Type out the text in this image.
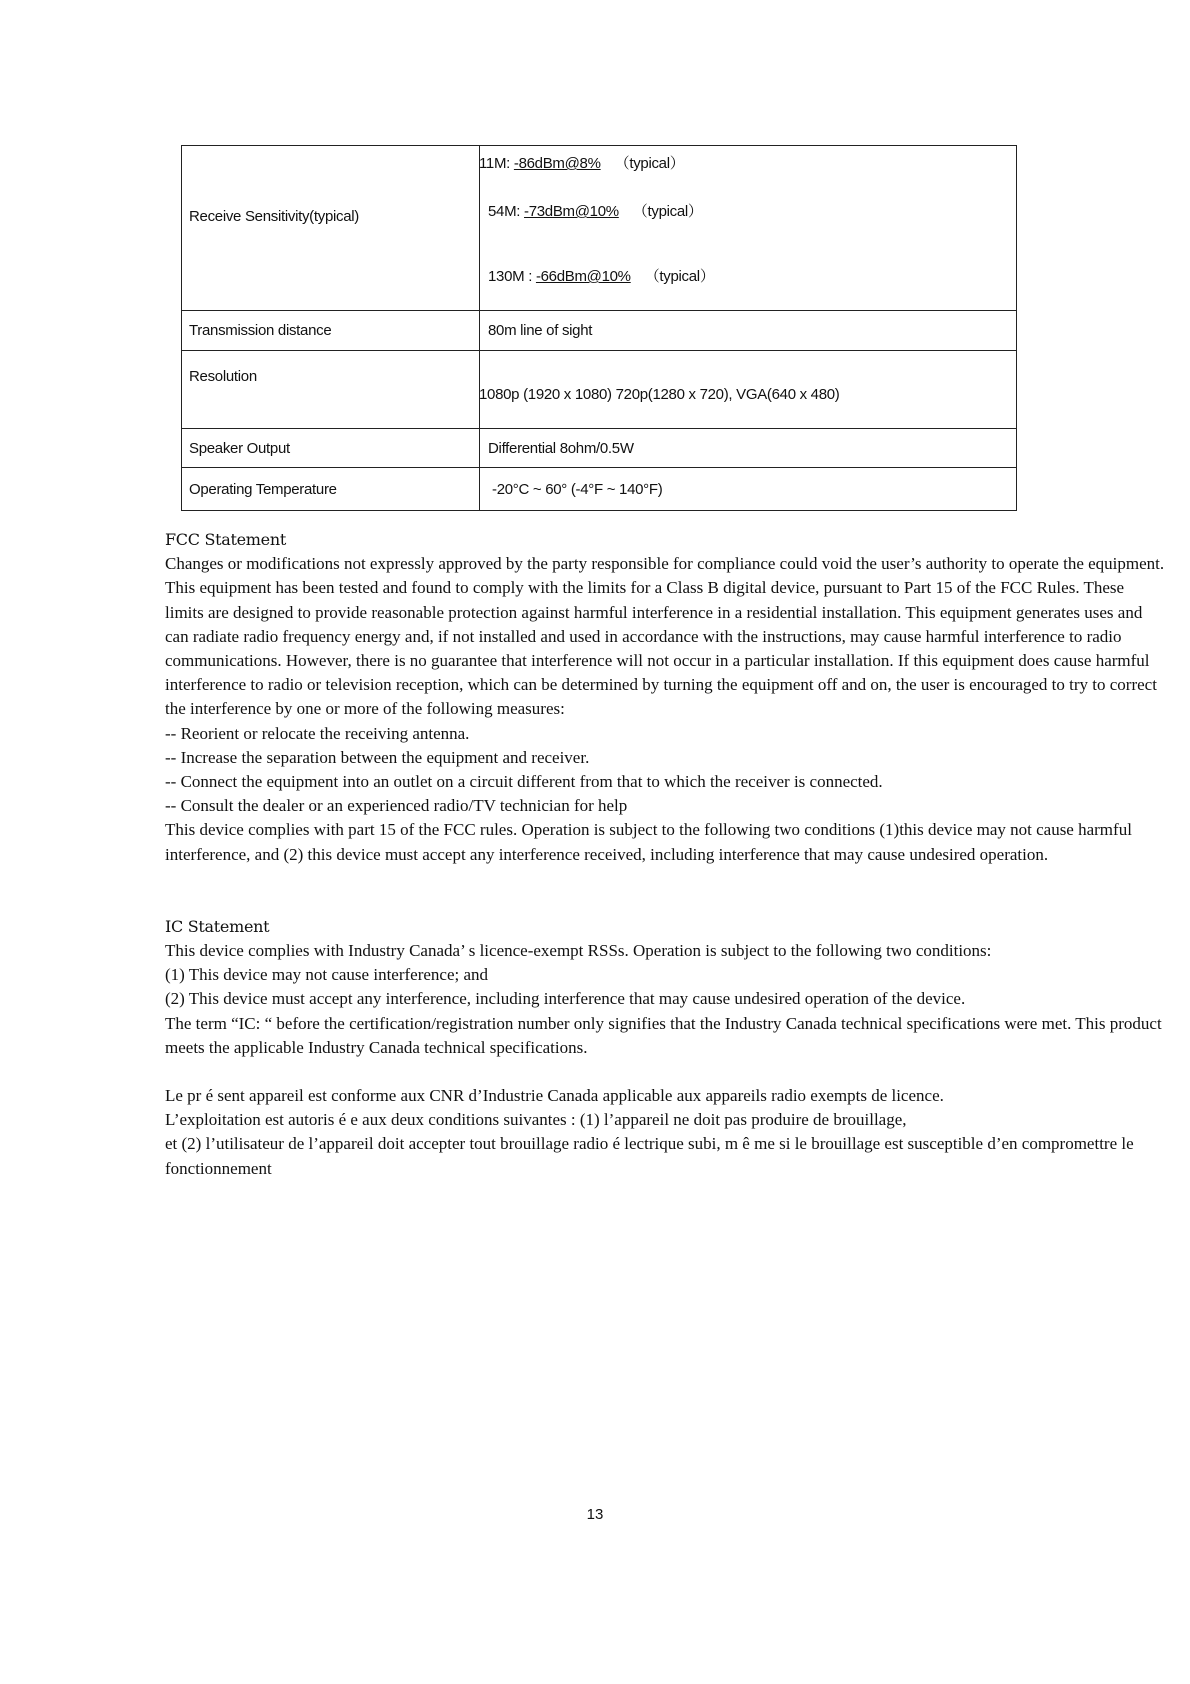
Receive Sensitivity(typical)	11M: -86dBm@8% （typical）
54M: -73dBm@10% （typical）
130M : -66dBm@10% （typical）

Transmission distance	80m line of sight
Resolution	1080p (1920 x 1080) 720p(1280 x 720), VGA(640 x 480)
Speaker Output	Differential 8ohm/0.5W
Operating Temperature	-20°C ~ 60° (-4°F ~ 140°F)

FCC Statement

Changes or modifications not expressly approved by the party responsible for compliance could void the user’s authority to operate the equipment.

This equipment has been tested and found to comply with the limits for a Class B digital device, pursuant to Part 15 of the FCC Rules. These limits are designed to provide reasonable protection against harmful interference in a residential installation. This equipment generates uses and can radiate radio frequency energy and, if not installed and used in accordance with the instructions, may cause harmful interference to radio communications. However, there is no guarantee that interference will not occur in a particular installation. If this equipment does cause harmful interference to radio or television reception, which can be determined by turning the equipment off and on, the user is encouraged to try to correct the interference by one or more of the following measures:

-- Reorient or relocate the receiving antenna.

-- Increase the separation between the equipment and receiver.

-- Connect the equipment into an outlet on a circuit different from that to which the receiver is connected.

-- Consult the dealer or an experienced radio/TV technician for help

This device complies with part 15 of the FCC rules. Operation is subject to the following two conditions (1)this device may not cause harmful interference, and (2) this device must accept any interference received, including interference that may cause undesired operation.

IC Statement

This device complies with Industry Canada’ s licence-exempt RSSs. Operation is subject to the following two conditions:

(1) This device may not cause interference; and

(2) This device must accept any interference, including interference that may cause undesired operation of the device.

The term “IC: “ before the certification/registration number only signifies that the Industry Canada technical specifications were met. This product meets the applicable Industry Canada technical specifications.

Le pr é sent appareil est conforme aux CNR d’Industrie Canada applicable aux appareils radio exempts de licence.

L’exploitation est autoris é e aux deux conditions suivantes : (1) l’appareil ne doit pas produire de brouillage,

et (2) l’utilisateur de l’appareil doit accepter tout brouillage radio é lectrique subi, m ê me si le brouillage est susceptible d’en compromettre le fonctionnement

13
